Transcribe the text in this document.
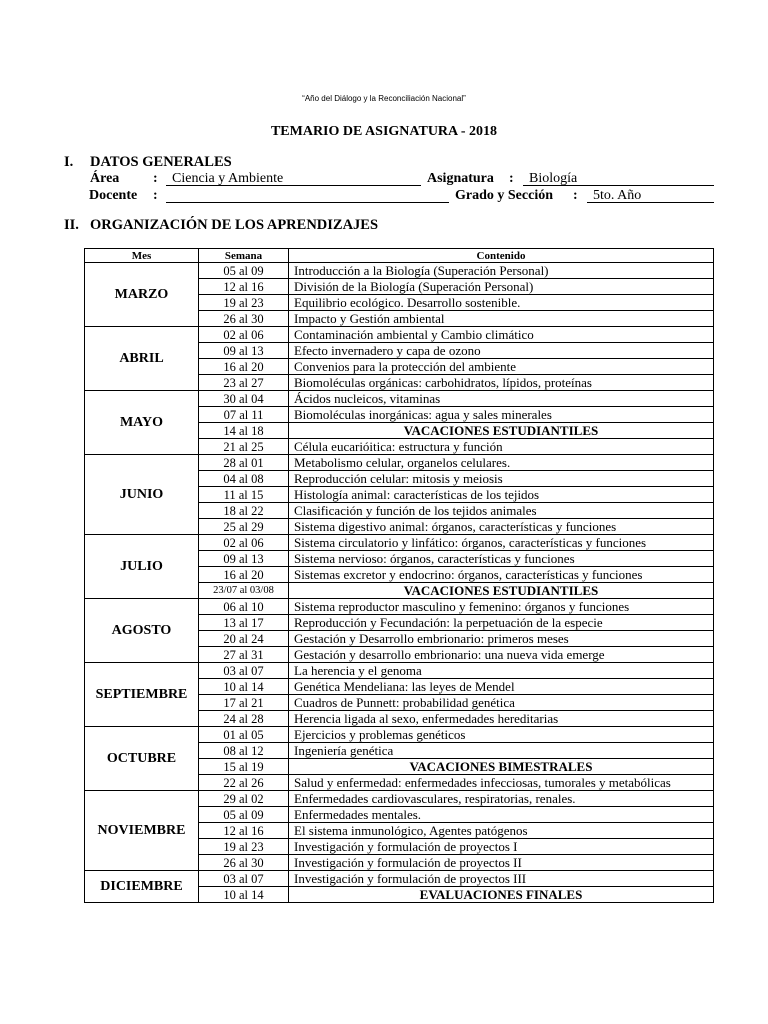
“Año del Diálogo y la Reconciliación Nacional”
TEMARIO DE ASIGNATURA - 2018
I. DATOS GENERALES
Área :	Ciencia y Ambiente	Asignatura :	Biología
Docente :	Grado y Sección :	5to. Año
II. ORGANIZACIÓN DE LOS APRENDIZAJES
Mes	Semana	Contenido
MARZO	05 al 09	Introducción a la Biología (Superación Personal)
	12 al 16	División de la Biología (Superación Personal)
	19 al 23	Equilibrio ecológico. Desarrollo sostenible.
	26 al 30	Impacto y Gestión ambiental
ABRIL	02 al 06	Contaminación ambiental y Cambio climático
	09 al 13	Efecto invernadero y capa de ozono
	16 al 20	Convenios para la protección del ambiente
	23 al 27	Biomoléculas orgánicas: carbohidratos, lípidos, proteínas
MAYO	30 al 04	Ácidos nucleicos, vitaminas
	07 al 11	Biomoléculas inorgánicas: agua y sales minerales
	14 al 18	VACACIONES ESTUDIANTILES
	21 al 25	Célula eucarióitica: estructura y función
JUNIO	28 al 01	Metabolismo celular, organelos celulares.
	04 al 08	Reproducción celular: mitosis y meiosis
	11 al 15	Histología animal: características de los tejidos
	18 al 22	Clasificación y función de los tejidos animales
	25 al 29	Sistema digestivo animal: órganos, características y funciones
JULIO	02 al 06	Sistema circulatorio y linfático: órganos, características y funciones
	09 al 13	Sistema nervioso: órganos, características y funciones
	16 al 20	Sistemas excretor y endocrino: órganos, características y funciones
	23/07 al 03/08	VACACIONES ESTUDIANTILES
AGOSTO	06 al 10	Sistema reproductor masculino y femenino: órganos y funciones
	13 al 17	Reproducción y Fecundación: la perpetuación de la especie
	20 al 24	Gestación y Desarrollo embrionario: primeros meses
	27 al 31	Gestación y desarrollo embrionario: una nueva vida emerge
SEPTIEMBRE	03 al 07	La herencia y el genoma
	10 al 14	Genética Mendeliana: las leyes de Mendel
	17 al 21	Cuadros de Punnett: probabilidad genética
	24 al 28	Herencia ligada al sexo, enfermedades hereditarias
OCTUBRE	01 al 05	Ejercicios y problemas genéticos
	08 al 12	Ingeniería genética
	15 al 19	VACACIONES BIMESTRALES
	22 al 26	Salud y enfermedad: enfermedades infecciosas, tumorales y metabólicas
NOVIEMBRE	29 al 02	Enfermedades cardiovasculares, respiratorias, renales.
	05 al 09	Enfermedades mentales.
	12 al 16	El sistema inmunológico, Agentes patógenos
	19 al 23	Investigación y formulación de proyectos I
	26 al 30	Investigación y formulación de proyectos II
DICIEMBRE	03 al 07	Investigación y formulación de proyectos III
	10 al 14	EVALUACIONES FINALES
